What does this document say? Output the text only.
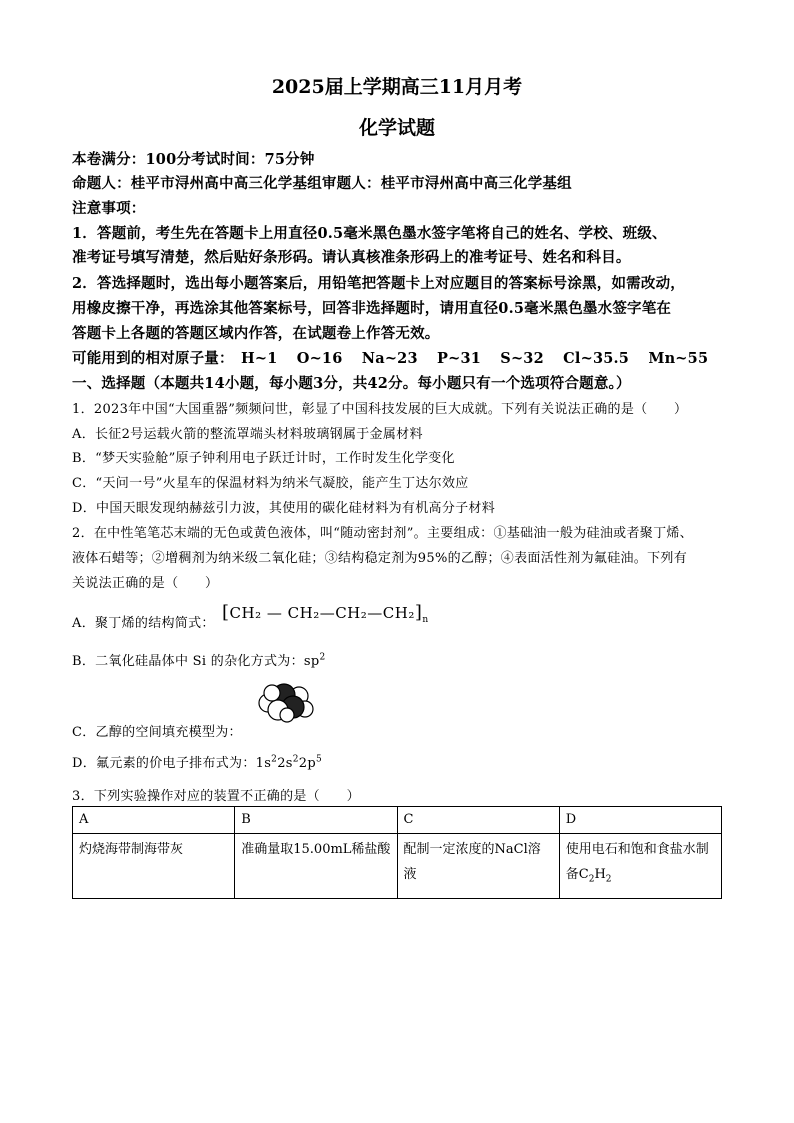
2025届上学期高三11月月考
化学试题
本卷满分：100分考试时间：75分钟
命题人：桂平市浔州高中高三化学基组审题人：桂平市浔州高中高三化学基组
注意事项：
1．答题前，考生先在答题卡上用直径0.5毫米黑色墨水签字笔将自己的姓名、学校、班级、
准考证号填写清楚，然后贴好条形码。请认真核准条形码上的准考证号、姓名和科目。
2．答选择题时，选出每小题答案后，用铅笔把答题卡上对应题目的答案标号涂黑，如需改动，
用橡皮擦干净，再选涂其他答案标号，回答非选择题时，请用直径0.5毫米黑色墨水签字笔在
答题卡上各题的答题区域内作答，在试题卷上作答无效。
可能用到的相对原子量： H~1 O~16 Na~23 P~31 S~32 Cl~35.5 Mn~55
一、选择题（本题共14小题，每小题3分，共42分。每小题只有一个选项符合题意。）
1．2023年中国“大国重器”频频问世，彰显了中国科技发展的巨大成就。下列有关说法正确的是（　　）
A．长征2号运载火箭的整流罩端头材料玻璃钢属于金属材料
B．“梦天实验舱”原子钟利用电子跃迁计时，工作时发生化学变化
C．“天问一号”火星车的保温材料为纳米气凝胶，能产生丁达尔效应
D．中国天眼发现纳赫兹引力波，其使用的碳化硅材料为有机高分子材料
2．在中性笔笔芯末端的无色或黄色液体，叫“随动密封剂”。主要组成：①基础油一般为硅油或者聚丁烯、
液体石蜡等；②增稠剂为纳米级二氧化硅；③结构稳定剂为95%的乙醇；④表面活性剂为氟硅油。下列有
关说法正确的是（　　）
A．聚丁烯的结构简式：
[CH₂ — $CH_2—CH_2—CH_2]_n$
B．二氧化硅晶体中 Si 的杂化方式为：$sp^2$
C．乙醇的空间填充模型为：
D．氟元素的价电子排布式为：$1s^22s^22p^5$
3．下列实验操作对应的装置不正确的是（　　）
A	B	C	D
灼烧海带制海带灰	准确量取15.00mL稀盐酸	配制一定浓度的NaCl溶液	使用电石和饱和食盐水制备$C_2H_2$
